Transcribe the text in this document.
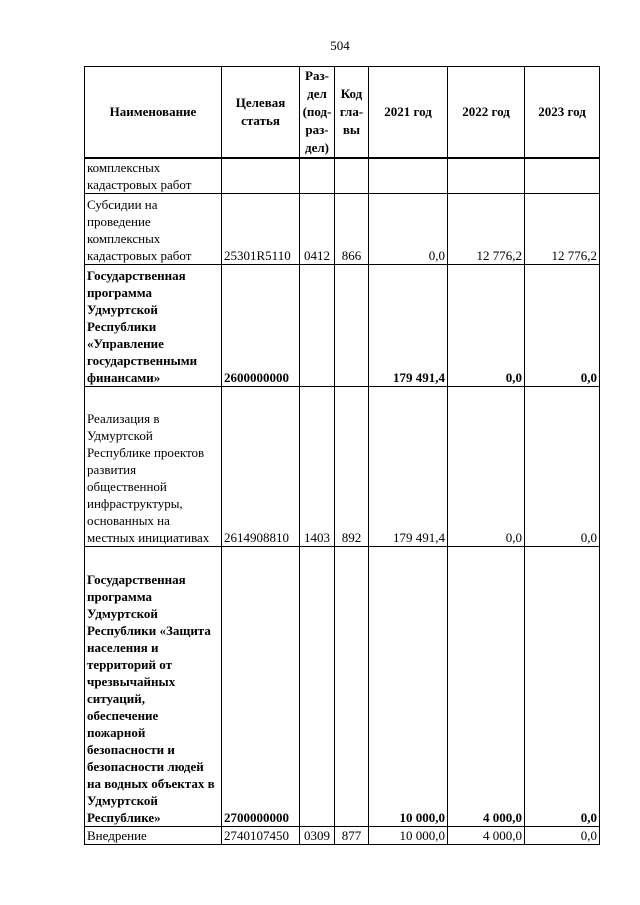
504
Наименование	Целевая статья	Раз-дел (под-раз-дел)	Код гла-вы	2021 год	2022 год	2023 год
комплексных кадастровых работ						
Субсидии на проведение комплексных кадастровых работ	25301R5110	0412	866	0,0	12 776,2	12 776,2
Государственная программа Удмуртской Республики «Управление государственными финансами»	2600000000			179 491,4	0,0	0,0
Реализация в Удмуртской Республике проектов развития общественной инфраструктуры, основанных на местных инициативах	2614908810	1403	892	179 491,4	0,0	0,0
Государственная программа Удмуртской Республики «Защита населения и территорий от чрезвычайных ситуаций, обеспечение пожарной безопасности и безопасности людей на водных объектах в Удмуртской Республике»	2700000000			10 000,0	4 000,0	0,0
Внедрение	2740107450	0309	877	10 000,0	4 000,0	0,0
